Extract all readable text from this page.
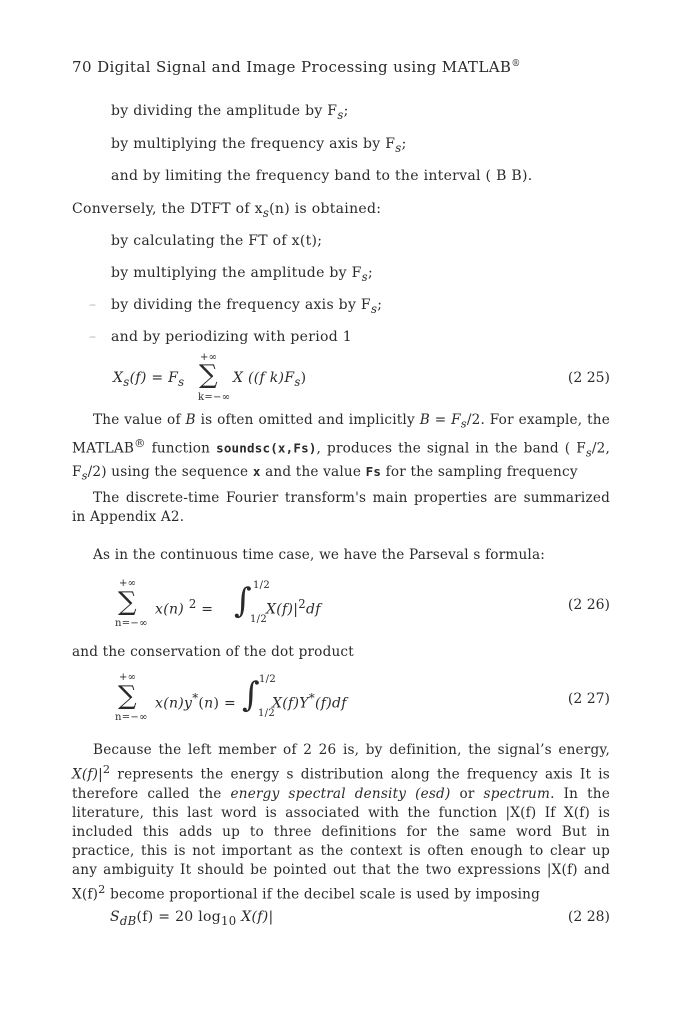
70 Digital Signal and Image Processing using MATLAB®
by dividing the amplitude by $F_s$;
by multiplying the frequency axis by $F_s$;
and by limiting the frequency band to the interval ( B B).
Conversely, the DTFT of $x_s(n)$ is obtained:
by calculating the FT of x(t);
by multiplying the amplitude by $F_s$;
– by dividing the frequency axis by $F_s$;
– and by periodizing with period 1
+∞
$X_s(f) = F_s$ ∑ X ((f $k)F_s$)
k=−∞
(2 25)
The value of B is often omitted and implicitly $B = F_s/2$. For example, the MATLAB® function soundsc(x,Fs), produces the signal in the band ( $F_s/2$, $F_s/2$) using the sequence x and the value Fs for the sampling frequency
The discrete-time Fourier transform's main properties are summarized in Appendix A2.
As in the continuous time case, we have the Parseval s formula:
+∞
∑
n=−∞
x(n) $^2$ = ∫ 1/2
1/2
$X(f)|^2df$	(2 26)
and the conservation of the dot product
+∞
∑
n=−∞
x(n)y*(n) = ∫ 1/2
1/2
X(f)Y*(f)df	(2 27)
Because the left member of 2 26 is, by definition, the signal’s energy, $X(f)|^2$ represents the energy s distribution along the frequency axis It is therefore called the energy spectral density (esd) or spectrum. In the literature, this last word is associated with the function |X(f) If X(f) is included this adds up to three definitions for the same word But in practice, this is not important as the context is often enough to clear up any ambiguity It should be pointed out that the two expressions |X(f) and $X(f)^2$ become proportional if the decibel scale is used by imposing
$S_{dB}(f) = 20$ $\log_{10} X(f)|$	(2 28)
